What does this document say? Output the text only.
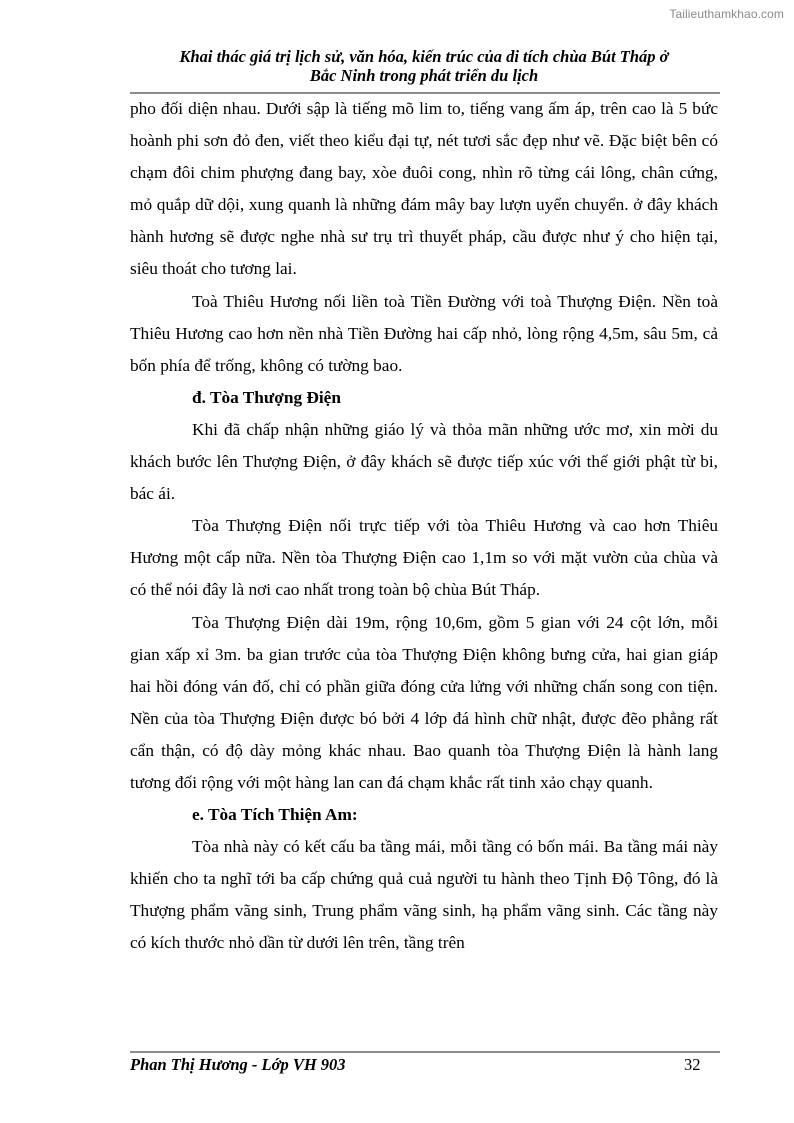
Tailieuthamkhao.com
Khai thác giá trị lịch sử, văn hóa, kiến trúc của di tích chùa Bút Tháp ở
Bắc Ninh trong phát triển du lịch

pho đối diện nhau. Dưới sập là tiếng mõ lim to, tiếng vang ấm áp, trên cao là 5 bức hoành phi sơn đỏ đen, viết theo kiểu đại tự, nét tươi sắc đẹp như vẽ. Đặc biệt bên có chạm đôi chim phượng đang bay, xòe đuôi cong, nhìn rõ từng cái lông, chân cứng, mỏ quắp dữ dội, xung quanh là những đám mây bay lượn uyển chuyển. ở đây khách hành hương sẽ được nghe nhà sư trụ trì thuyết pháp, cầu được như ý cho hiện tại, siêu thoát cho tương lai.

Toà Thiêu Hương nối liền toà Tiền Đường với toà Thượng Điện. Nền toà Thiêu Hương cao hơn nền nhà Tiền Đường hai cấp nhỏ, lòng rộng 4,5m, sâu 5m, cả bốn phía để trống, không có tường bao.

đ. Tòa Thượng Điện

Khi đã chấp nhận những giáo lý và thỏa mãn những ước mơ, xin mời du khách bước lên Thượng Điện, ở đây khách sẽ được tiếp xúc với thế giới phật từ bi, bác ái.

Tòa Thượng Điện nối trực tiếp với tòa Thiêu Hương và cao hơn Thiêu Hương một cấp nữa. Nền tòa Thượng Điện cao 1,1m so với mặt vườn của chùa và có thể nói đây là nơi cao nhất trong toàn bộ chùa Bút Tháp.

Tòa Thượng Điện dài 19m, rộng 10,6m, gồm 5 gian với 24 cột lớn, mỗi gian xấp xỉ 3m. ba gian trước của tòa Thượng Điện không bưng cửa, hai gian giáp hai hồi đóng ván đố, chỉ có phần giữa đóng cửa lửng với những chấn song con tiện. Nền của tòa Thượng Điện được bó bởi 4 lớp đá hình chữ nhật, được đẽo phẳng rất cẩn thận, có độ dày mỏng khác nhau. Bao quanh tòa Thượng Điện là hành lang tương đối rộng với một hàng lan can đá chạm khắc rất tinh xảo chạy quanh.

e. Tòa Tích Thiện Am:

Tòa nhà này có kết cấu ba tầng mái, mỗi tầng có bốn mái. Ba tầng mái này khiến cho ta nghĩ tới ba cấp chứng quả cuả người tu hành theo Tịnh Độ Tông, đó là Thượng phẩm vãng sinh, Trung phẩm vãng sinh, hạ phẩm vãng sinh. Các tầng này có kích thước nhỏ dần từ dưới lên trên, tầng trên

Phan Thị Hương - Lớp VH 903	32
